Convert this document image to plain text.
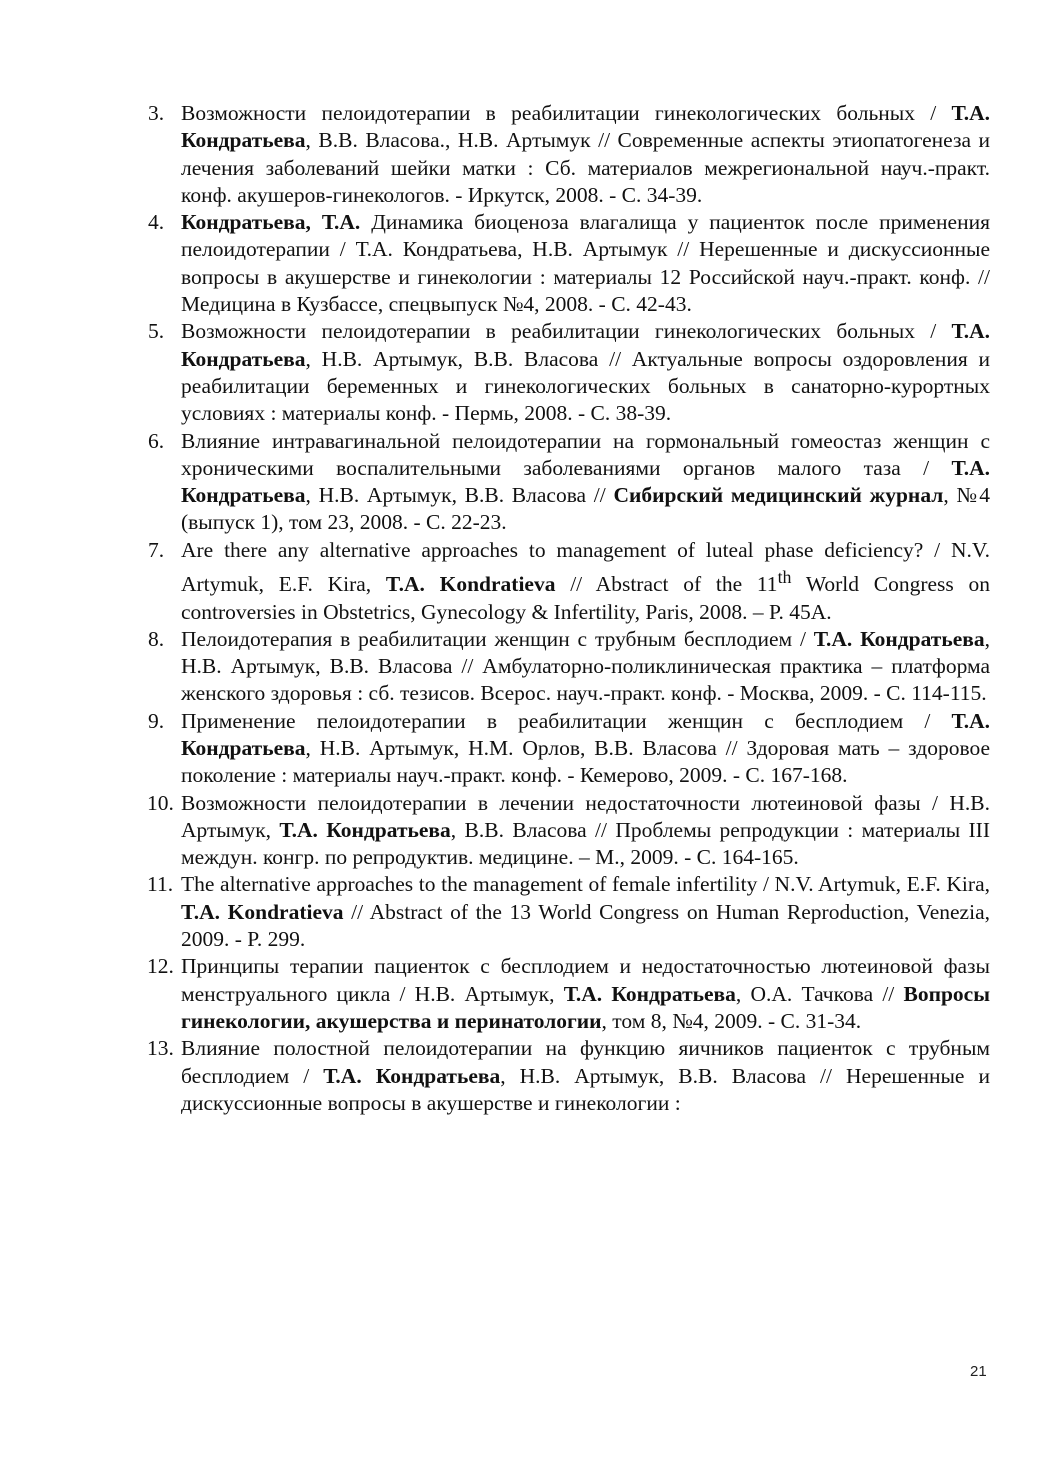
3. Возможности пелоидотерапии в реабилитации гинекологических больных / Т.А. Кондратьева, В.В. Власова., Н.В. Артымук // Современные аспекты этиопатогенеза и лечения заболеваний шейки матки : Сб. материалов межрегиональной науч.-практ. конф. акушеров-гинекологов. - Иркутск, 2008. - С. 34-39.
4. Кондратьева, Т.А. Динамика биоценоза влагалища у пациенток после применения пелоидотерапии / Т.А. Кондратьева, Н.В. Артымук // Нерешенные и дискуссионные вопросы в акушерстве и гинекологии : материалы 12 Российской науч.-практ. конф. // Медицина в Кузбассе, спецвыпуск №4, 2008. - С. 42-43.
5. Возможности пелоидотерапии в реабилитации гинекологических больных / Т.А. Кондратьева, Н.В. Артымук, В.В. Власова // Актуальные вопросы оздоровления и реабилитации беременных и гинекологических больных в санаторно-курортных условиях : материалы конф. - Пермь, 2008. - С. 38-39.
6. Влияние интравагинальной пелоидотерапии на гормональный гомеостаз женщин с хроническими воспалительными заболеваниями органов малого таза / Т.А. Кондратьева, Н.В. Артымук, В.В. Власова // Сибирский медицинский журнал, №4 (выпуск 1), том 23, 2008. - С. 22-23.
7. Are there any alternative approaches to management of luteal phase deficiency? / N.V. Artymuk, E.F. Kira, T.A. Kondratieva // Abstract of the 11th World Congress on controversies in Obstetrics, Gynecology & Infertility, Paris, 2008. – P. 45A.
8. Пелоидотерапия в реабилитации женщин с трубным бесплодием / Т.А. Кондратьева, Н.В. Артымук, В.В. Власова // Амбулаторно-поликлиническая практика – платформа женского здоровья : сб. тезисов. Всерос. науч.-практ. конф. - Москва, 2009. - С. 114-115.
9. Применение пелоидотерапии в реабилитации женщин с бесплодием / Т.А. Кондратьева, Н.В. Артымук, Н.М. Орлов, В.В. Власова // Здоровая мать – здоровое поколение : материалы науч.-практ. конф. - Кемерово, 2009. - С. 167-168.
10. Возможности пелоидотерапии в лечении недостаточности лютеиновой фазы / Н.В. Артымук, Т.А. Кондратьева, В.В. Власова // Проблемы репродукции : материалы III междун. конгр. по репродуктив. медицине. – М., 2009. - С. 164-165.
11. The alternative approaches to the management of female infertility / N.V. Artymuk, E.F. Kira, T.A. Kondratieva // Abstract of the 13 World Congress on Human Reproduction, Venezia, 2009. - P. 299.
12. Принципы терапии пациенток с бесплодием и недостаточностью лютеиновой фазы менструального цикла / Н.В. Артымук, Т.А. Кондратьева, О.А. Тачкова // Вопросы гинекологии, акушерства и перинатологии, том 8, №4, 2009. - С. 31-34.
13. Влияние полостной пелоидотерапии на функцию яичников пациенток с трубным бесплодием / Т.А. Кондратьева, Н.В. Артымук, В.В. Власова // Нерешенные и дискуссионные вопросы в акушерстве и гинекологии :
21
